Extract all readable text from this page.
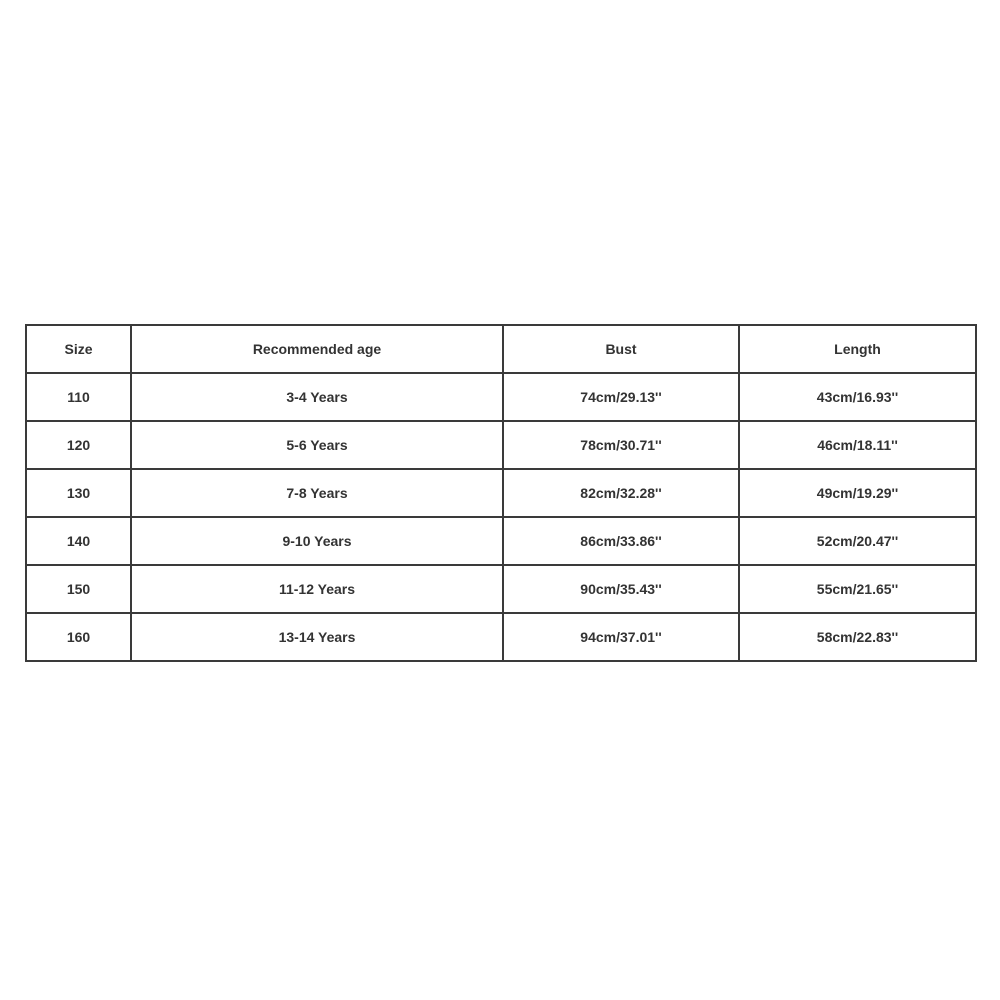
Size	Recommended age	Bust	Length
110	3-4 Years	74cm/29.13''	43cm/16.93''
120	5-6 Years	78cm/30.71''	46cm/18.11''
130	7-8 Years	82cm/32.28''	49cm/19.29''
140	9-10 Years	86cm/33.86''	52cm/20.47''
150	11-12 Years	90cm/35.43''	55cm/21.65''
160	13-14 Years	94cm/37.01''	58cm/22.83''
